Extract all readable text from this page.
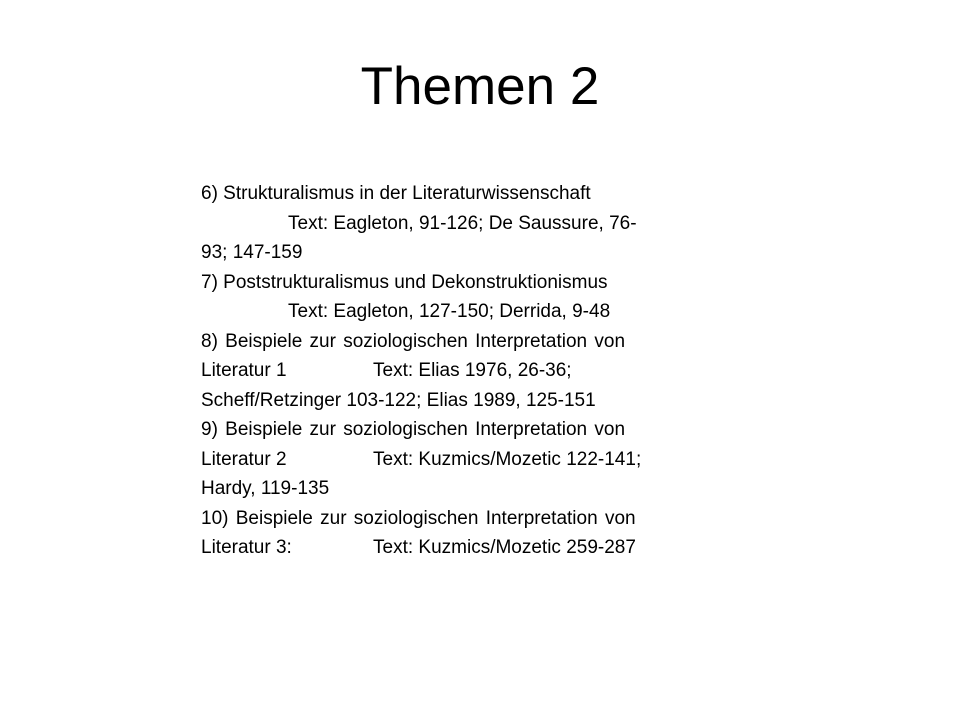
Themen 2
6) Strukturalismus in der Literaturwissenschaft
Text: Eagleton, 91-126; De Saussure, 76-
93; 147-159
7) Poststrukturalismus und Dekonstruktionismus
Text: Eagleton, 127-150; Derrida, 9-48
8) Beispiele zur soziologischen Interpretation von
Literatur 1	Text: Elias 1976, 26-36;
Scheff/Retzinger 103-122; Elias 1989, 125-151
9) Beispiele zur soziologischen Interpretation von
Literatur 2	Text: Kuzmics/Mozetic 122-141;
Hardy, 119-135
10) Beispiele zur soziologischen Interpretation von
Literatur 3:	Text: Kuzmics/Mozetic 259-287
